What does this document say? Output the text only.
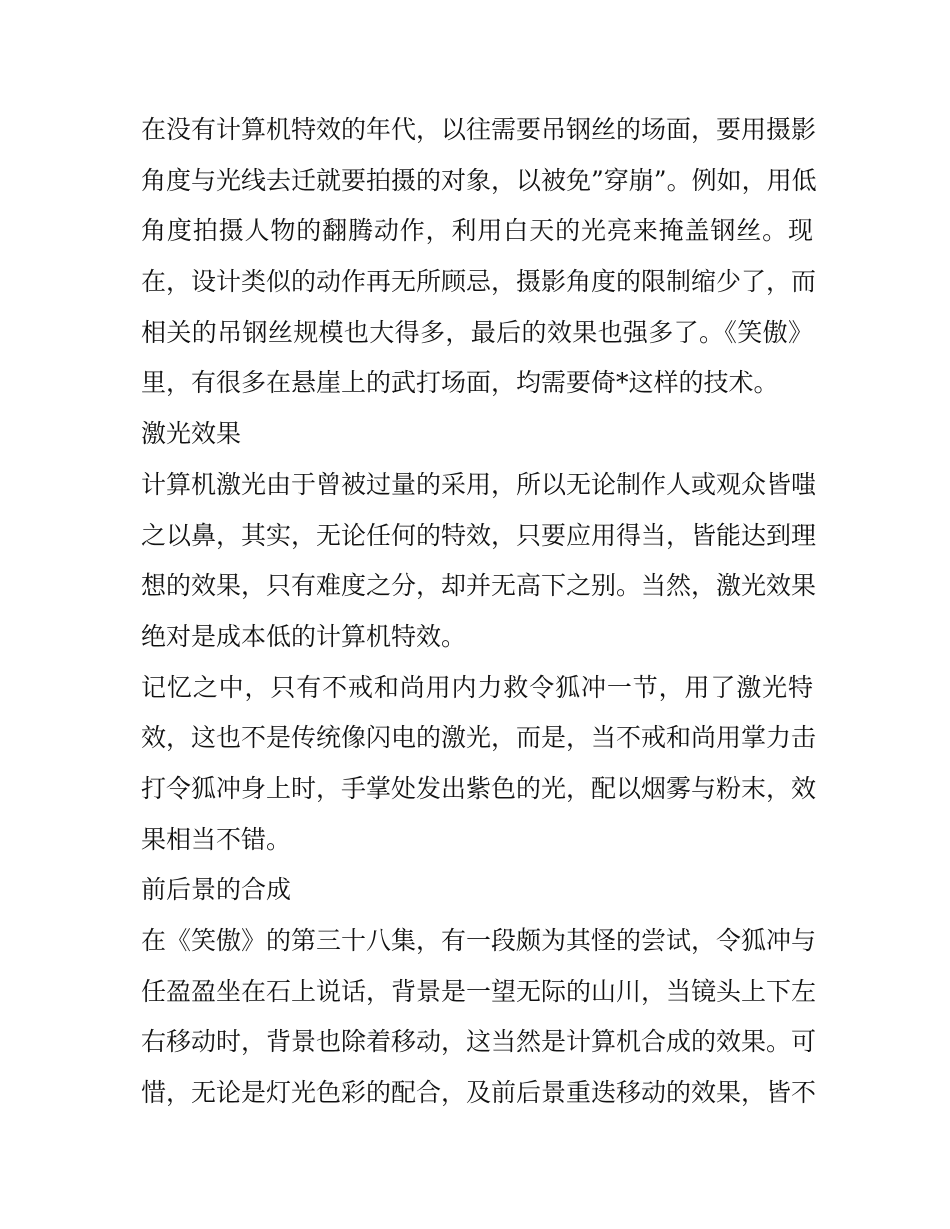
在没有计算机特效的年代，以往需要吊钢丝的场面，要用摄影
角度与光线去迁就要拍摄的对象，以被免”穿崩”。例如，用低
角度拍摄人物的翻腾动作，利用白天的光亮来掩盖钢丝。现
在，设计类似的动作再无所顾忌，摄影角度的限制缩少了，而
相关的吊钢丝规模也大得多，最后的效果也强多了。《笑傲》
里，有很多在悬崖上的武打场面，均需要倚*这样的技术。
激光效果
计算机激光由于曾被过量的采用，所以无论制作人或观众皆嗤
之以鼻，其实，无论任何的特效，只要应用得当，皆能达到理
想的效果，只有难度之分，却并无高下之别。当然，激光效果
绝对是成本低的计算机特效。
记忆之中，只有不戒和尚用内力救令狐冲一节，用了激光特
效，这也不是传统像闪电的激光，而是，当不戒和尚用掌力击
打令狐冲身上时，手掌处发出紫色的光，配以烟雾与粉末，效
果相当不错。
前后景的合成
在《笑傲》的第三十八集，有一段颇为其怪的尝试，令狐冲与
任盈盈坐在石上说话，背景是一望无际的山川，当镜头上下左
右移动时，背景也除着移动，这当然是计算机合成的效果。可
惜，无论是灯光色彩的配合，及前后景重迭移动的效果，皆不
